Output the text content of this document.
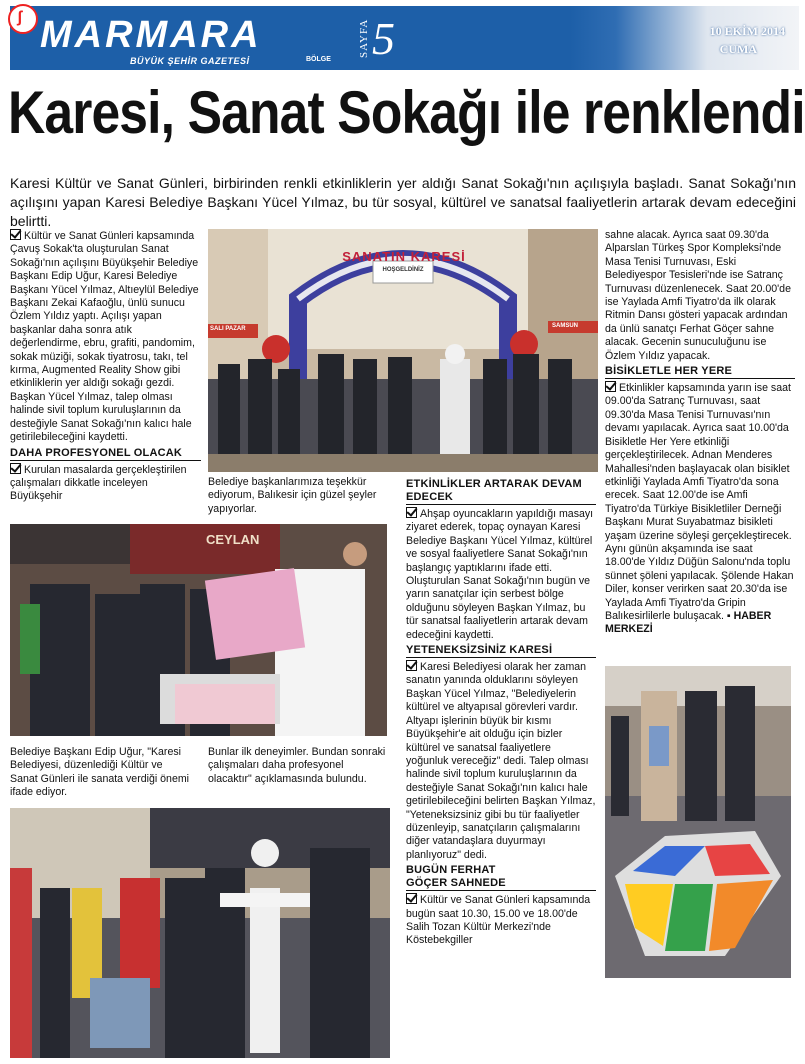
ʃ MARMARA
BÜYÜK ŞEHİR GAZETESİ	BÖLGE
SAYFA 5	10 EKİM 2014
CUMA
Karesi, Sanat Sokağı ile renklendi

Karesi Kültür ve Sanat Günleri, birbirinden renkli etkinliklerin yer aldığı Sanat Sokağı'nın açılışıyla başladı. Sanat Sokağı'nın açılışını yapan Karesi Belediye Başkanı Yücel Yılmaz, bu tür sosyal, kültürel ve sanatsal faaliyetlerin artarak devam edeceğini belirtti.

Kültür ve Sanat Günleri kapsamında Çavuş Sokak'ta oluşturulan Sanat Sokağı'nın açılışını Büyükşehir Belediye Başkanı Edip Uğur, Karesi Belediye Başkanı Yücel Yılmaz, Altıeylül Belediye Başkanı Zekai Kafaoğlu, ünlü sunucu Özlem Yıldız yaptı. Açılışı yapan başkanlar daha sonra atık değerlendirme, ebru, grafiti, pandomim, sokak müziği, sokak tiyatrosu, takı, tel kırma, Augmented Reality Show gibi etkinliklerin yer aldığı sokağı gezdi. Başkan Yücel Yılmaz, talep olması halinde sivil toplum kuruluşlarının da desteğiyle Sanat Sokağı'nın kalıcı hale getirilebileceğini kaydetti.

DAHA PROFESYONEL OLACAK

Kurulan masalarda gerçekleştirilen çalışmaları dikkatle inceleyen Büyükşehir

SANATIN KARESİ
HOŞGELDİNİZ
SALI PAZAR	SAMSUN
Belediye başkanlarımıza teşekkür ediyorum, Balıkesir için güzel şeyler yapıyorlar.
CEYLAN
Belediye Başkanı Edip Uğur, "Karesi Belediyesi, düzenlediği Kültür ve Sanat Günleri ile sanata verdiği önemi ifade ediyor.
Bunlar ilk deneyimler. Bundan sonraki çalışmaları daha profesyonel olacaktır" açıklamasında bulundu.
ETKİNLİKLER ARTARAK DEVAM EDECEK

Ahşap oyuncakların yapıldığı masayı ziyaret ederek, topaç oynayan Karesi Belediye Başkanı Yücel Yılmaz, kültürel ve sosyal faaliyetlere Sanat Sokağı'nın başlangıç yaptıklarını ifade etti. Oluşturulan Sanat Sokağı'nın bugün ve yarın sanatçılar için serbest bölge olduğunu söyleyen Başkan Yılmaz, bu tür sanatsal faaliyetlerin artarak devam edeceğini kaydetti.

YETENEKSİZSİNİZ KARESİ

Karesi Belediyesi olarak her zaman sanatın yanında olduklarını söyleyen Başkan Yücel Yılmaz, "Belediyelerin kültürel ve altyapısal görevleri vardır. Altyapı işlerinin büyük bir kısmı Büyükşehir'e ait olduğu için bizler kültürel ve sanatsal faaliyetlere yoğunluk vereceğiz" dedi. Talep olması halinde sivil toplum kuruluşlarının da desteğiyle Sanat Sokağı'nın kalıcı hale getirilebileceğini belirten Başkan Yılmaz, "Yeteneksizsiniz gibi bu tür faaliyetler düzenleyip, sanatçıların çalışmalarını diğer vatandaşlara duyurmayı planlıyoruz" dedi.

BUGÜN FERHAT
GÖÇER SAHNEDE

Kültür ve Sanat Günleri kapsamında bugün saat 10.30, 15.00 ve 18.00'de Salih Tozan Kültür Merkezi'nde Köstebekgiller

sahne alacak. Ayrıca saat 09.30'da Alparslan Türkeş Spor Kompleksi'nde Masa Tenisi Turnuvası, Eski Belediyespor Tesisleri'nde ise Satranç Turnuvası düzenlenecek. Saat 20.00'de ise Yaylada Amfi Tiyatro'da ilk olarak Ritmin Dansı gösteri yapacak ardından da ünlü sanatçı Ferhat Göçer sahne alacak. Gecenin sunuculuğunu ise Özlem Yıldız yapacak.

BİSİKLETLE HER YERE

Etkinlikler kapsamında yarın ise saat 09.00'da Satranç Turnuvası, saat 09.30'da Masa Tenisi Turnuvası'nın devamı yapılacak. Ayrıca saat 10.00'da Bisikletle Her Yere etkinliği gerçekleştirilecek. Adnan Menderes Mahallesi'nden başlayacak olan bisiklet etkinliği Yaylada Amfi Tiyatro'da sona erecek. Saat 12.00'de ise Amfi Tiyatro'da Türkiye Bisikletliler Derneği Başkanı Murat Suyabatmaz bisikleti yaşam üzerine söyleşi gerçekleştirecek. Aynı günün akşamında ise saat 18.00'de Yıldız Düğün Salonu'nda toplu sünnet şöleni yapılacak. Şölende Hakan Diler, konser verirken saat 20.30'da ise Yaylada Amfi Tiyatro'da Gripin Balıkesirlilerle buluşacak. ▪ HABER MERKEZİ
